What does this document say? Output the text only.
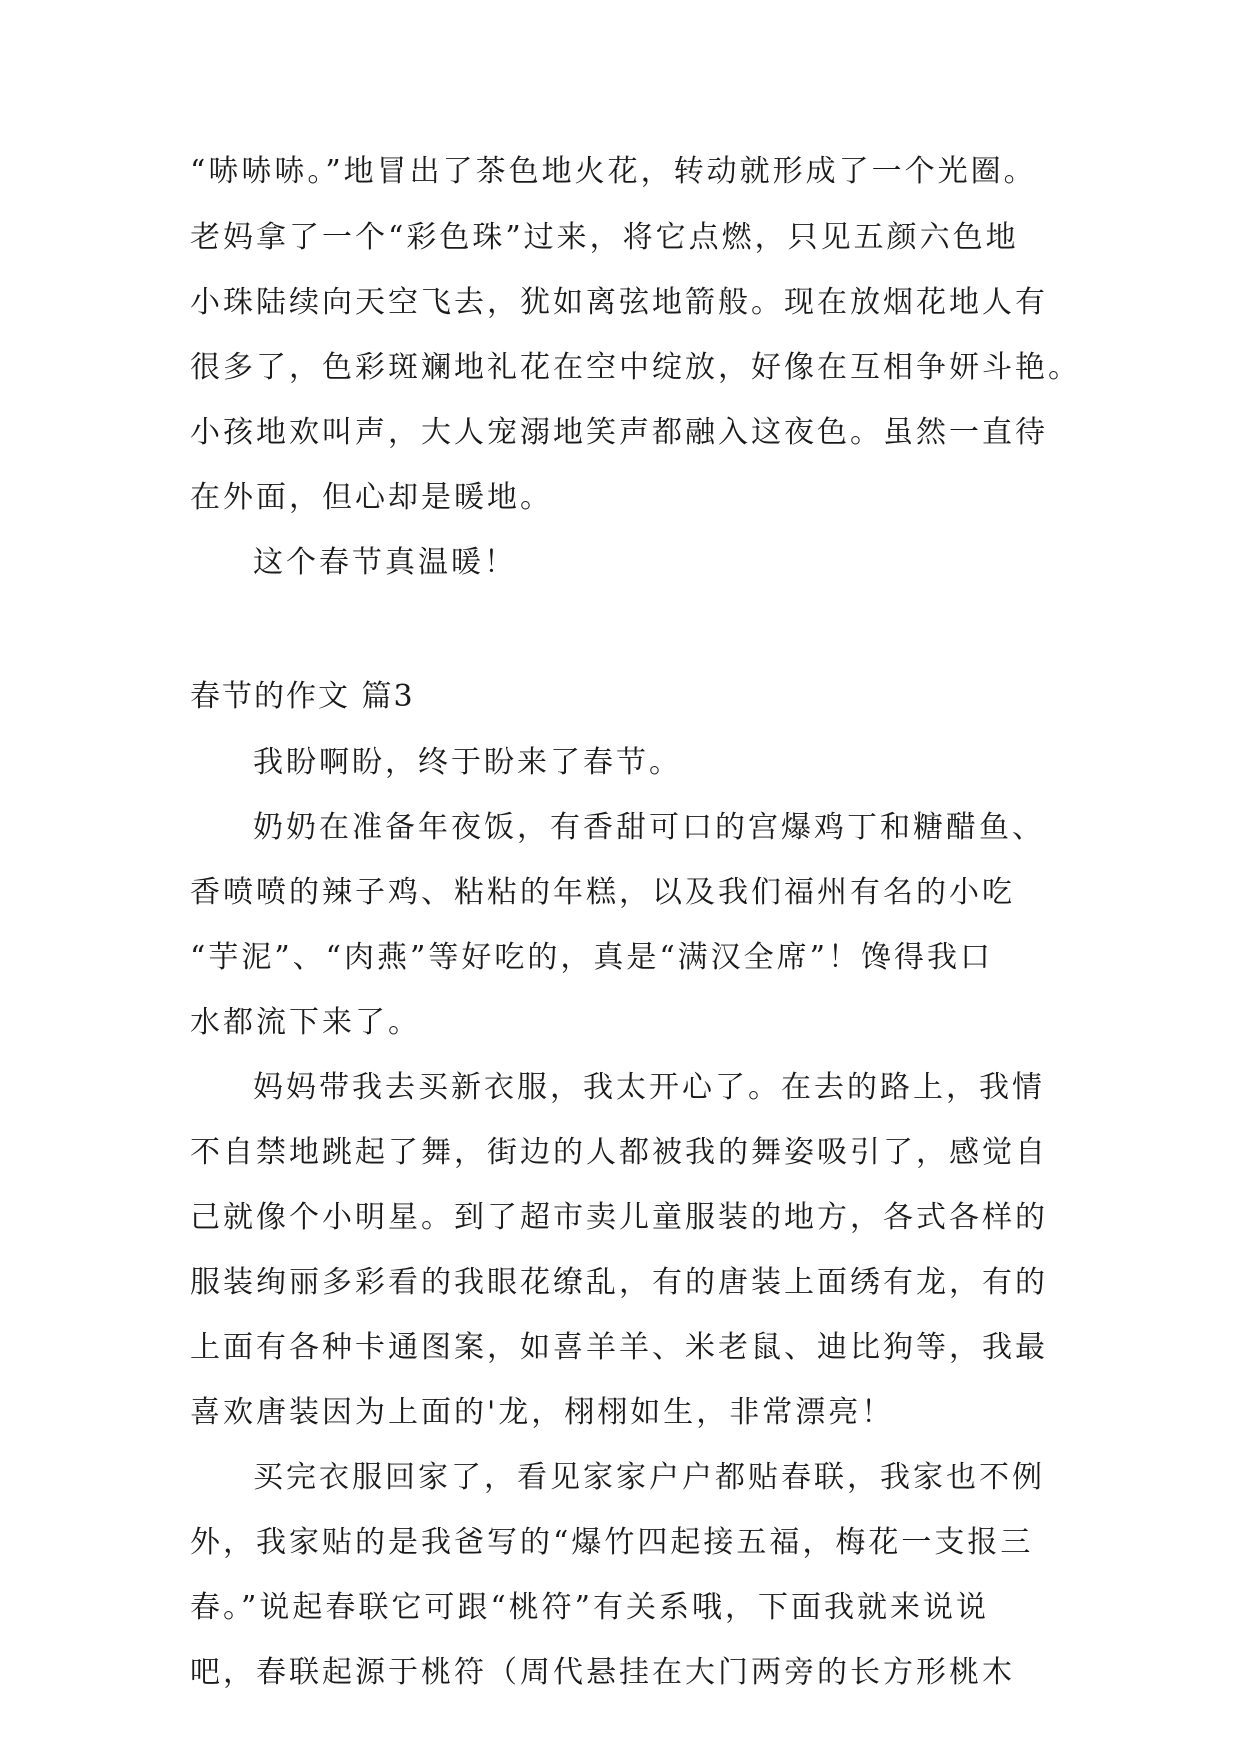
“哧哧哧。”地冒出了茶色地火花，转动就形成了一个光圈。
老妈拿了一个“彩色珠”过来，将它点燃，只见五颜六色地
小珠陆续向天空飞去，犹如离弦地箭般。现在放烟花地人有
很多了，色彩斑斓地礼花在空中绽放，好像在互相争妍斗艳。
小孩地欢叫声，大人宠溺地笑声都融入这夜色。虽然一直待
在外面，但心却是暖地。
这个春节真温暖！
春节的作文 篇3
我盼啊盼，终于盼来了春节。
奶奶在准备年夜饭，有香甜可口的宫爆鸡丁和糖醋鱼、
香喷喷的辣子鸡、粘粘的年糕，以及我们福州有名的小吃
“芋泥”、“肉燕”等好吃的，真是“满汉全席”！馋得我口
水都流下来了。
妈妈带我去买新衣服，我太开心了。在去的路上，我情
不自禁地跳起了舞，街边的人都被我的舞姿吸引了，感觉自
己就像个小明星。到了超市卖儿童服装的地方，各式各样的
服装绚丽多彩看的我眼花缭乱，有的唐装上面绣有龙，有的
上面有各种卡通图案，如喜羊羊、米老鼠、迪比狗等，我最
喜欢唐装因为上面的'龙，栩栩如生，非常漂亮！
买完衣服回家了，看见家家户户都贴春联，我家也不例
外，我家贴的是我爸写的“爆竹四起接五福，梅花一支报三
春。”说起春联它可跟“桃符”有关系哦，下面我就来说说
吧，春联起源于桃符（周代悬挂在大门两旁的长方形桃木
